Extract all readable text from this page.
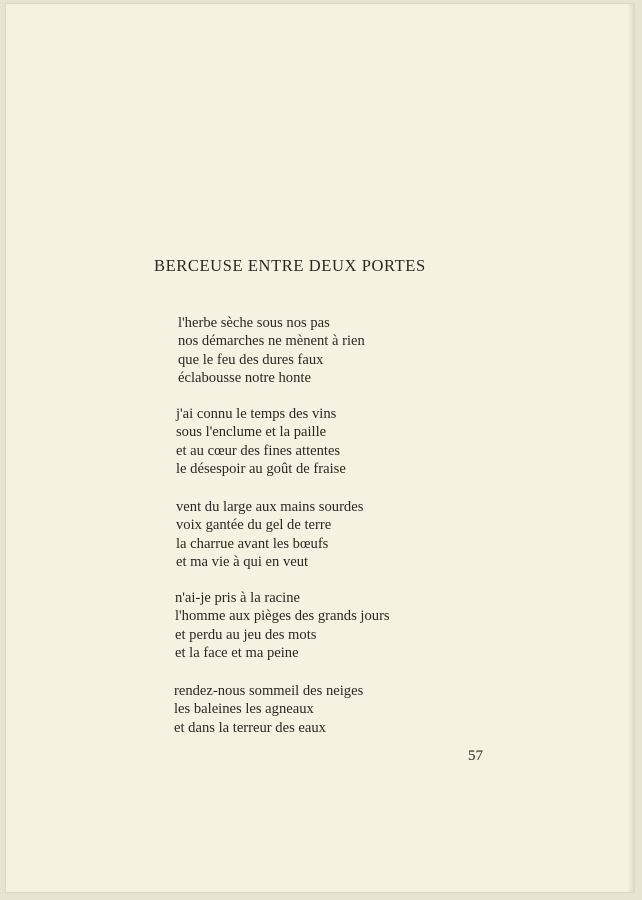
BERCEUSE ENTRE DEUX PORTES
l'herbe sèche sous nos pas
nos démarches ne mènent à rien
que le feu des dures faux
éclabousse notre honte
j'ai connu le temps des vins
sous l'enclume et la paille
et au cœur des fines attentes
le désespoir au goût de fraise
vent du large aux mains sourdes
voix gantée du gel de terre
la charrue avant les bœufs
et ma vie à qui en veut
n'ai-je pris à la racine
l'homme aux pièges des grands jours
et perdu au jeu des mots
et la face et ma peine
rendez-nous sommeil des neiges
les baleines les agneaux
et dans la terreur des eaux
57
